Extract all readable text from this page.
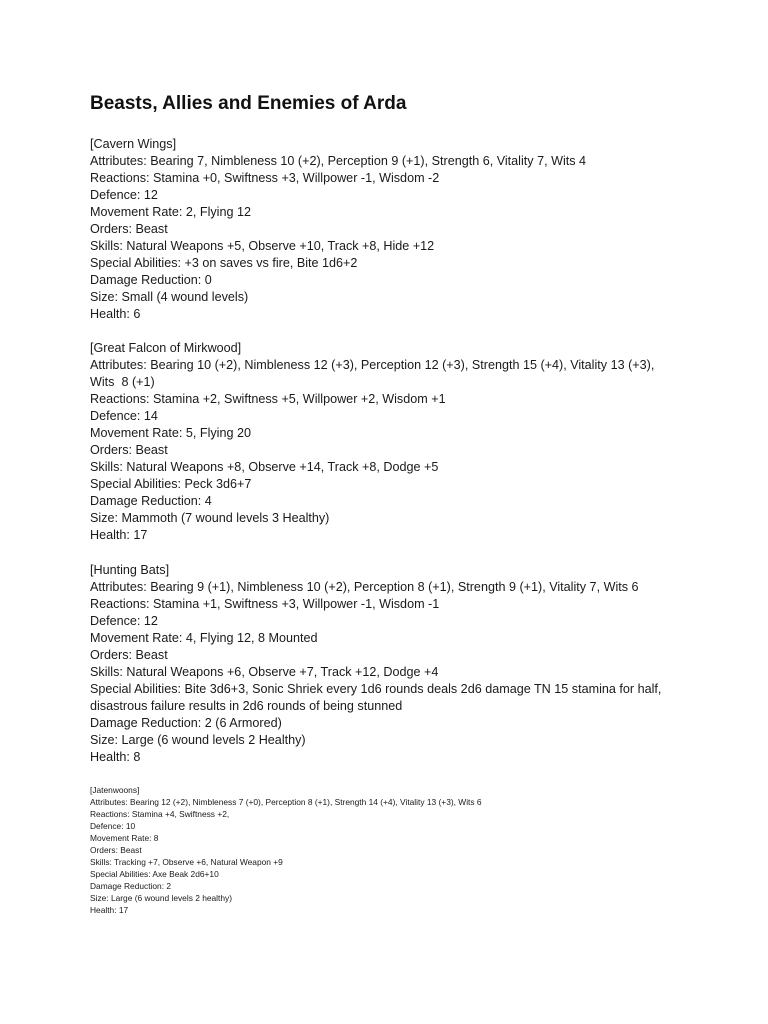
Beasts, Allies and Enemies of Arda
[Cavern Wings]
Attributes: Bearing 7, Nimbleness 10 (+2), Perception 9 (+1), Strength 6, Vitality 7, Wits 4
Reactions: Stamina +0, Swiftness +3, Willpower -1, Wisdom -2
Defence: 12
Movement Rate: 2, Flying 12
Orders: Beast
Skills: Natural Weapons +5, Observe +10, Track +8, Hide +12
Special Abilities: +3 on saves vs fire, Bite 1d6+2
Damage Reduction: 0
Size: Small (4 wound levels)
Health: 6
[Great Falcon of Mirkwood]
Attributes: Bearing 10 (+2), Nimbleness 12 (+3), Perception 12 (+3), Strength 15 (+4), Vitality 13 (+3),
Wits  8 (+1)
Reactions: Stamina +2, Swiftness +5, Willpower +2, Wisdom +1
Defence: 14
Movement Rate: 5, Flying 20
Orders: Beast
Skills: Natural Weapons +8, Observe +14, Track +8, Dodge +5
Special Abilities: Peck 3d6+7
Damage Reduction: 4
Size: Mammoth (7 wound levels 3 Healthy)
Health: 17
[Hunting Bats]
Attributes: Bearing 9 (+1), Nimbleness 10 (+2), Perception 8 (+1), Strength 9 (+1), Vitality 7, Wits 6
Reactions: Stamina +1, Swiftness +3, Willpower -1, Wisdom -1
Defence: 12
Movement Rate: 4, Flying 12, 8 Mounted
Orders: Beast
Skills: Natural Weapons +6, Observe +7, Track +12, Dodge +4
Special Abilities: Bite 3d6+3, Sonic Shriek every 1d6 rounds deals 2d6 damage TN 15 stamina for half,
disastrous failure results in 2d6 rounds of being stunned
Damage Reduction: 2 (6 Armored)
Size: Large (6 wound levels 2 Healthy)
Health: 8
[Jatenwoons]
Attributes: Bearing 12 (+2), Nimbleness 7 (+0), Perception 8 (+1), Strength 14 (+4), Vitality 13 (+3), Wits 6
Reactions: Stamina +4, Swiftness +2,
Defence: 10
Movement Rate: 8
Orders: Beast
Skills: Tracking +7, Observe +6, Natural Weapon +9
Special Abilities: Axe Beak 2d6+10
Damage Reduction: 2
Size: Large (6 wound levels 2 healthy)
Health: 17
